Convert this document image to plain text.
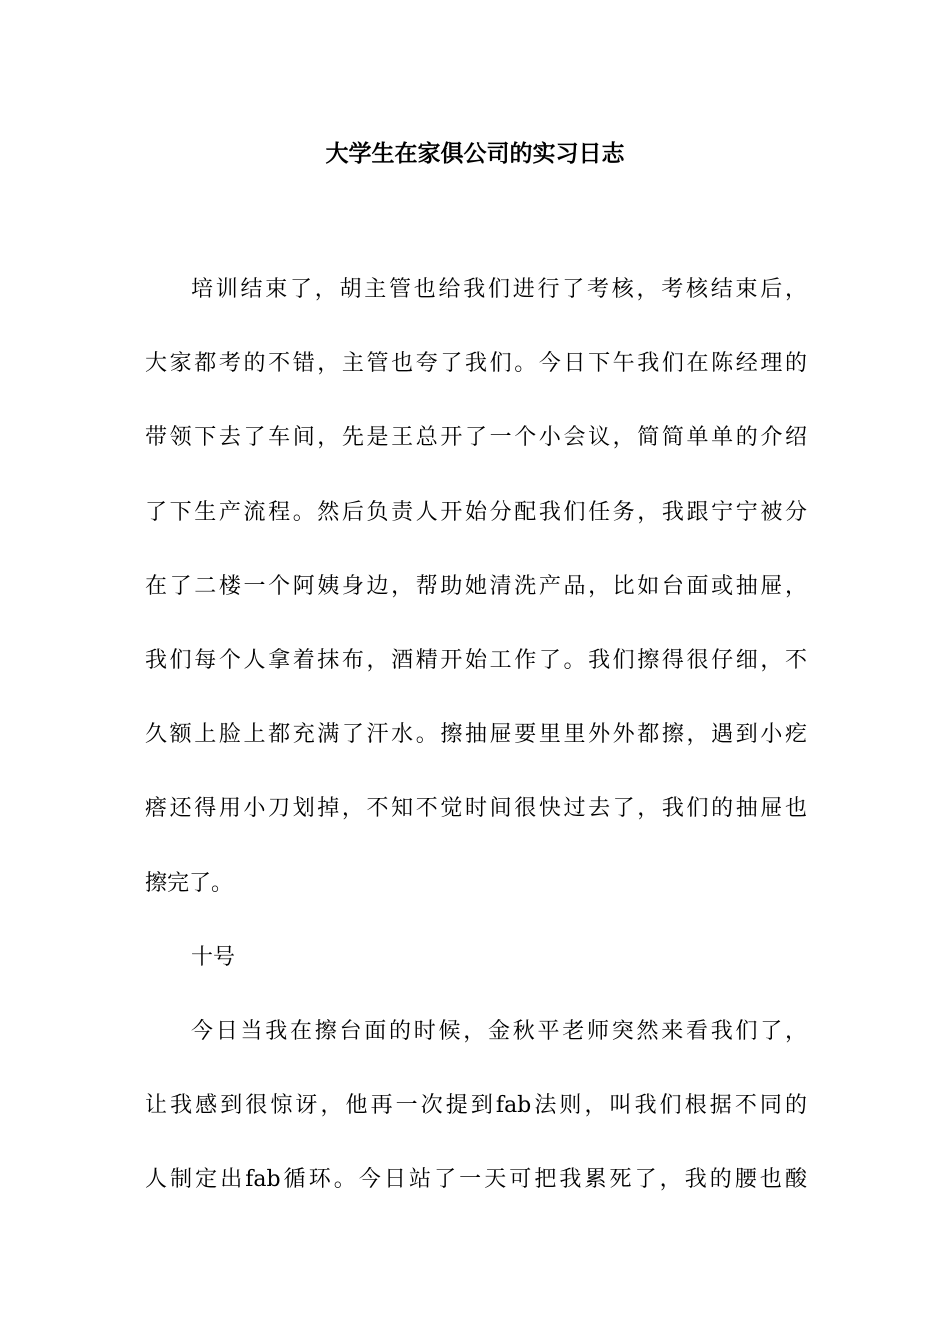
大学生在家俱公司的实习日志
培训结束了，胡主管也给我们进行了考核，考核结束后，
大家都考的不错，主管也夸了我们。今日下午我们在陈经理的
带领下去了车间，先是王总开了一个小会议，简简单单的介绍
了下生产流程。然后负责人开始分配我们任务，我跟宁宁被分
在了二楼一个阿姨身边，帮助她清洗产品，比如台面或抽屉，
我们每个人拿着抹布，酒精开始工作了。我们擦得很仔细，不
久额上脸上都充满了汗水。擦抽屉要里里外外都擦，遇到小疙
瘩还得用小刀划掉，不知不觉时间很快过去了，我们的抽屉也
擦完了。
十号
今日当我在擦台面的时候，金秋平老师突然来看我们了，
让我感到很惊讶，他再一次提到fab法则，叫我们根据不同的
人制定出fab循环。今日站了一天可把我累死了，我的腰也酸
